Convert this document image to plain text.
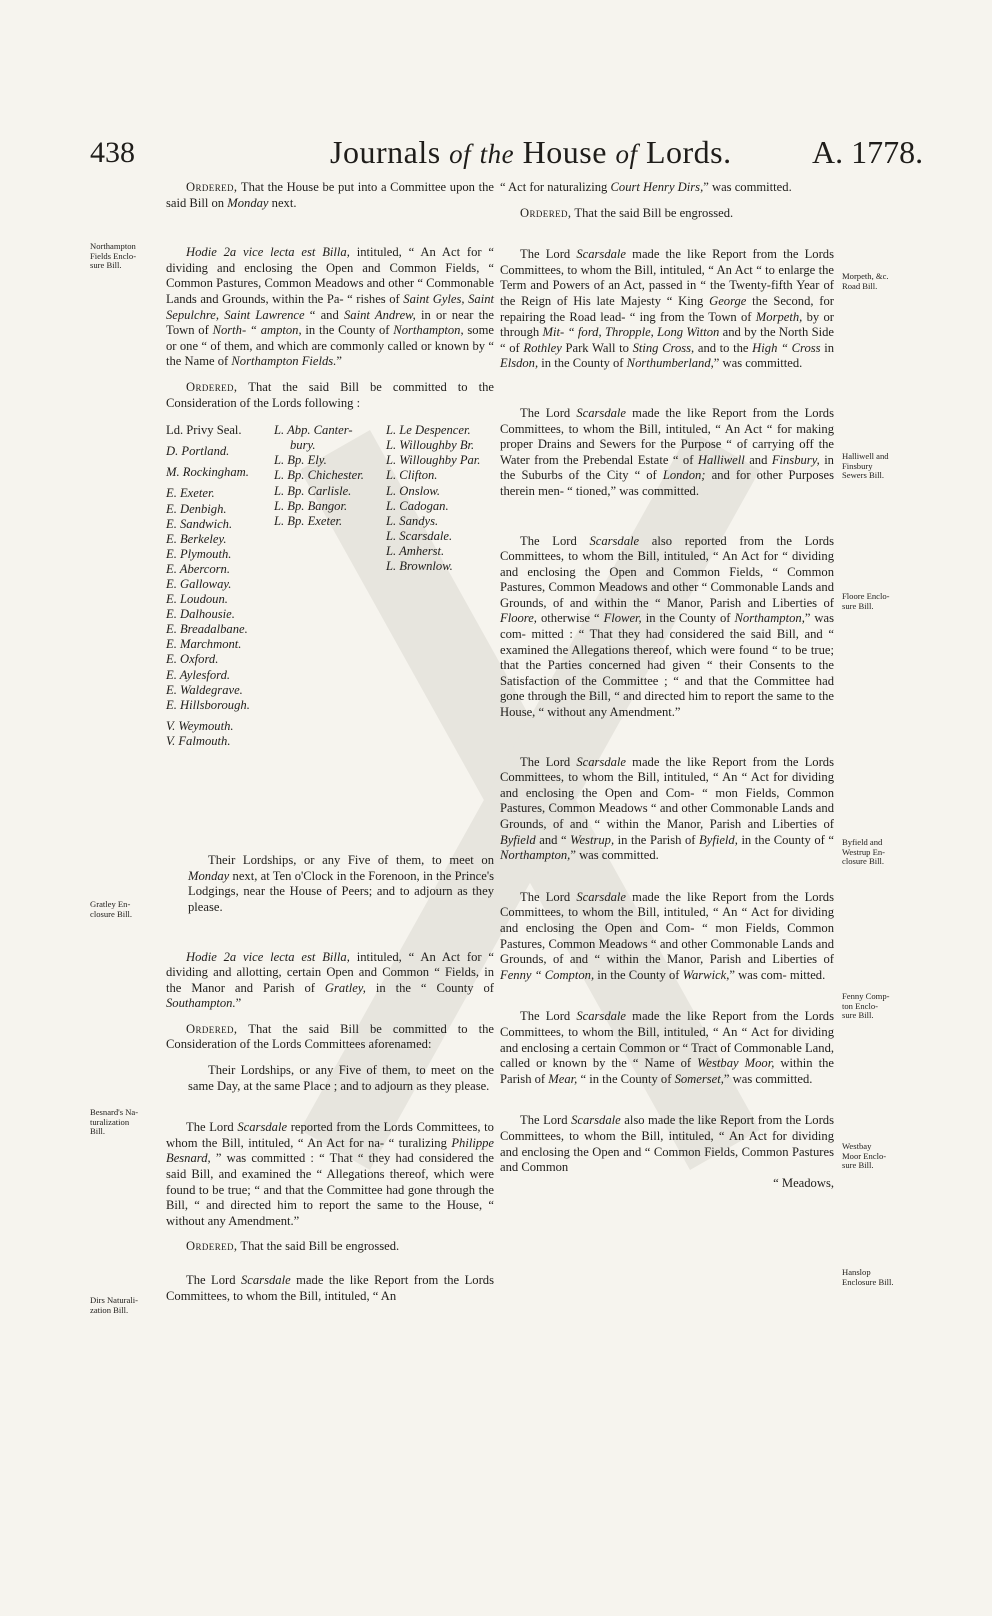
438	Journals of the House of Lords.	A. 1778.

Ordered, That the House be put into a Committee upon the said Bill on Monday next.

Hodie 2a vice lecta est Billa, intituled, “ An Act for “ dividing and enclosing the Open and Common Fields, “ Common Pastures, Common Meadows and other “ Commonable Lands and Grounds, within the Pa- “ rishes of Saint Gyles, Saint Sepulchre, Saint Lawrence “ and Saint Andrew, in or near the Town of North- “ ampton, in the County of Northampton, some or one “ of them, and which are commonly called or known by “ the Name of Northampton Fields.”

Ordered, That the said Bill be committed to the Consideration of the Lords following :

Ld. Privy Seal.
D. Portland.
M. Rockingham.
E. Exeter.
E. Denbigh.
E. Sandwich.
E. Berkeley.
E. Plymouth.
E. Abercorn.
E. Galloway.
E. Loudoun.
E. Dalhousie.
E. Breadalbane.
E. Marchmont.
E. Oxford.
E. Aylesford.
E. Waldegrave.
E. Hillsborough.
V. Weymouth.
V. Falmouth.
L. Abp. Canter-
bury.
L. Bp. Ely.
L. Bp. Chichester.
L. Bp. Carlisle.
L. Bp. Bangor.
L. Bp. Exeter.
L. Le Despencer.
L. Willoughby Br.
L. Willoughby Par.
L. Clifton.
L. Onslow.
L. Cadogan.
L. Sandys.
L. Scarsdale.
L. Amherst.
L. Brownlow.

Their Lordships, or any Five of them, to meet on Monday next, at Ten o'Clock in the Forenoon, in the Prince's Lodgings, near the House of Peers; and to adjourn as they please.

Hodie 2a vice lecta est Billa, intituled, “ An Act for “ dividing and allotting, certain Open and Common “ Fields, in the Manor and Parish of Gratley, in the “ County of Southampton.”

Ordered, That the said Bill be committed to the Consideration of the Lords Committees aforenamed:

Their Lordships, or any Five of them, to meet on the same Day, at the same Place ; and to adjourn as they please.

The Lord Scarsdale reported from the Lords Committees, to whom the Bill, intituled, “ An Act for na- “ turalizing Philippe Besnard, ” was committed : “ That “ they had considered the said Bill, and examined the “ Allegations thereof, which were found to be true; “ and that the Committee had gone through the Bill, “ and directed him to report the same to the House, “ without any Amendment.”

Ordered, That the said Bill be engrossed.

The Lord Scarsdale made the like Report from the Lords Committees, to whom the Bill, intituled, “ An

“ Act for naturalizing Court Henry Dirs,” was committed.

Ordered, That the said Bill be engrossed.

The Lord Scarsdale made the like Report from the Lords Committees, to whom the Bill, intituled, “ An Act “ to enlarge the Term and Powers of an Act, passed in “ the Twenty-fifth Year of the Reign of His late Majesty “ King George the Second, for repairing the Road lead- “ ing from the Town of Morpeth, by or through Mit- “ ford, Thropple, Long Witton and by the North Side “ of Rothley Park Wall to Sting Cross, and to the High “ Cross in Elsdon, in the County of Northumberland,” was committed.

The Lord Scarsdale made the like Report from the Lords Committees, to whom the Bill, intituled, “ An Act “ for making proper Drains and Sewers for the Purpose “ of carrying off the Water from the Prebendal Estate “ of Halliwell and Finsbury, in the Suburbs of the City “ of London; and for other Purposes therein men- “ tioned,” was committed.

The Lord Scarsdale also reported from the Lords Committees, to whom the Bill, intituled, “ An Act for “ dividing and enclosing the Open and Common Fields, “ Common Pastures, Common Meadows and other “ Commonable Lands and Grounds, of and within the “ Manor, Parish and Liberties of Floore, otherwise “ Flower, in the County of Northampton,” was com- mitted : “ That they had considered the said Bill, and “ examined the Allegations thereof, which were found “ to be true; that the Parties concerned had given “ their Consents to the Satisfaction of the Committee ; “ and that the Committee had gone through the Bill, “ and directed him to report the same to the House, “ without any Amendment.”

The Lord Scarsdale made the like Report from the Lords Committees, to whom the Bill, intituled, “ An “ Act for dividing and enclosing the Open and Com- “ mon Fields, Common Pastures, Common Meadows “ and other Commonable Lands and Grounds, of and “ within the Manor, Parish and Liberties of Byfield and “ Westrup, in the Parish of Byfield, in the County of “ Northampton,” was committed.

The Lord Scarsdale made the like Report from the Lords Committees, to whom the Bill, intituled, “ An “ Act for dividing and enclosing the Open and Com- “ mon Fields, Common Pastures, Common Meadows “ and other Commonable Lands and Grounds, of and “ within the Manor, Parish and Liberties of Fenny “ Compton, in the County of Warwick,” was com- mitted.

The Lord Scarsdale made the like Report from the Lords Committees, to whom the Bill, intituled, “ An “ Act for dividing and enclosing a certain Common or “ Tract of Commonable Land, called or known by the “ Name of Westbay Moor, within the Parish of Mear, “ in the County of Somerset,” was committed.

The Lord Scarsdale also made the like Report from the Lords Committees, to whom the Bill, intituled, “ An Act for dividing and enclosing the Open and “ Common Fields, Common Pastures and Common

“ Meadows,

Northampton
Fields Enclo-
sure Bill.
Gratley En-
closure Bill.
Besnard's Na-
turalization
Bill.
Dirs Naturali-
zation Bill.
Morpeth, &c.
Road Bill.
Halliwell and
Finsbury
Sewers Bill.
Floore Enclo-
sure Bill.
Byfield and
Westrup En-
closure Bill.
Fenny Comp-
ton Enclo-
sure Bill.
Westbay
Moor Enclo-
sure Bill.
Hanslop
Enclosure Bill.
